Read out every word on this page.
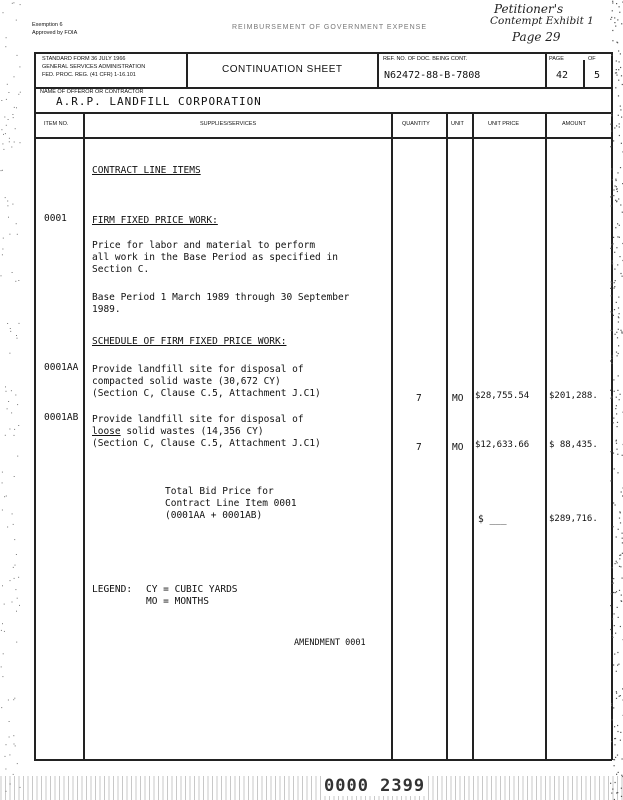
Exemption 6
Approved by FOIA
REIMBURSEMENT OF GOVERNMENT EXPENSE
Petitioner's
Contempt Exhibit 1
Page 29
STANDARD FORM 36 JULY 1966
GENERAL SERVICES ADMINISTRATION
FED. PROC. REG. (41 CFR) 1-16.101	CONTINUATION SHEET
REF. NO. OF DOC. BEING CONT.
N62472-88-B-7808
PAGE	OF
42	5
NAME OF OFFEROR OR CONTRACTOR
A.R.P. LANDFILL CORPORATION
ITEM NO.	SUPPLIES/SERVICES	QUANTITY	UNIT	UNIT PRICE	AMOUNT
CONTRACT LINE ITEMS
0001	FIRM FIXED PRICE WORK:
Price for labor and material to perform
all work in the Base Period as specified in
Section C.
Base Period 1 March 1989 through 30 September
1989.
SCHEDULE OF FIRM FIXED PRICE WORK:
0001AA Provide landfill site for disposal of
compacted solid waste (30,672 CY)
(Section C, Clause C.5, Attachment J.C1)	7	MO $28,755.54 $201,288.
0001AB Provide landfill site for disposal of
loose solid wastes (14,356 CY)
(Section C, Clause C.5, Attachment J.C1)	7	MO $12,633.66 $ 88,435.
Total Bid Price for
Contract Line Item 0001
(0001AA + 0001AB)	$ ___	$289,716.
LEGEND: CY = CUBIC YARDS
MO = MONTHS
AMENDMENT 0001
0000 2399
